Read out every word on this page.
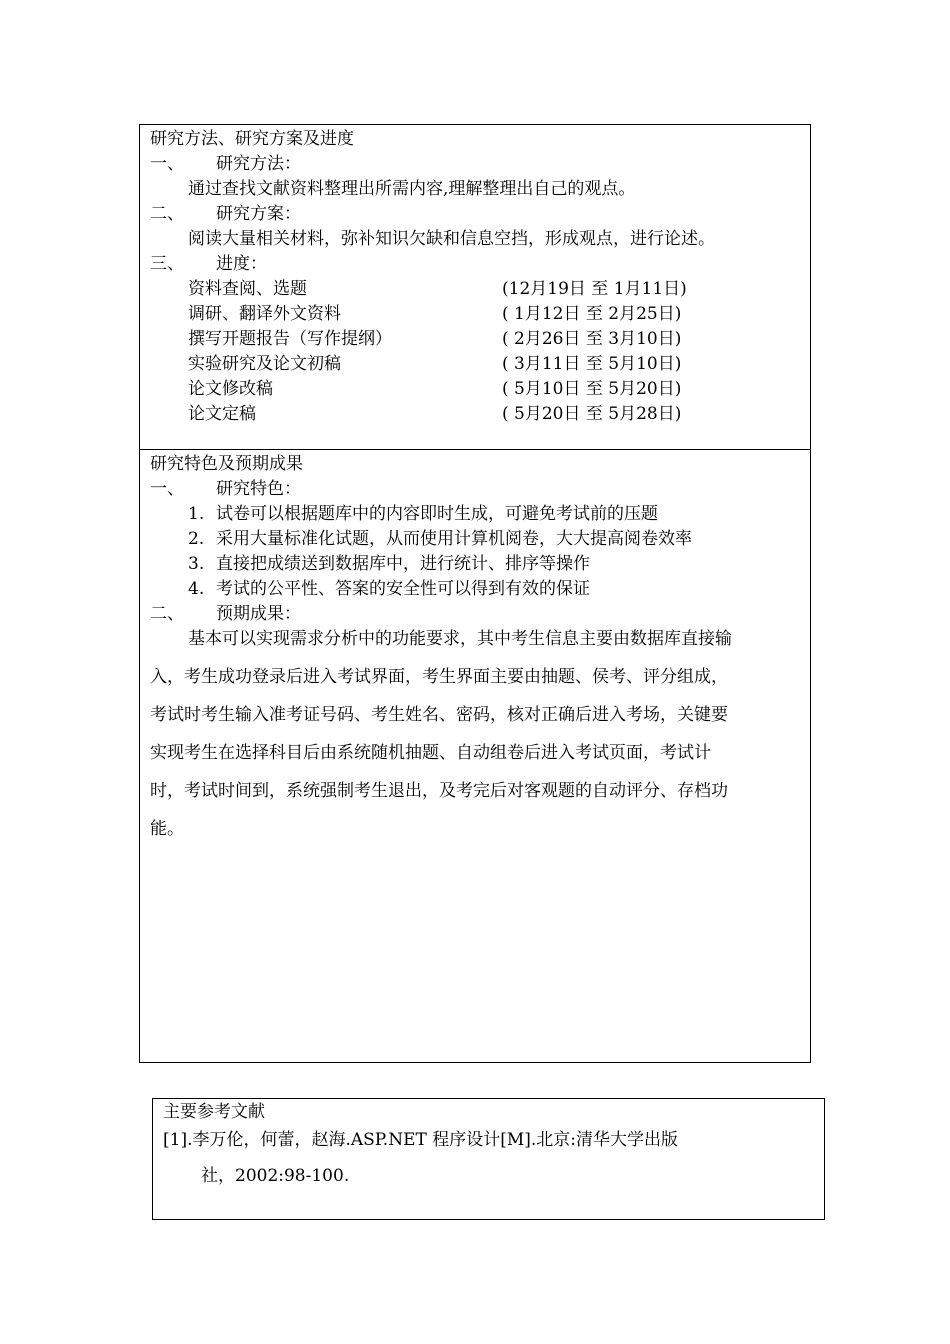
研究方法、研究方案及进度
一、 研究方法：
通过查找文献资料整理出所需内容,理解整理出自己的观点。
二、 研究方案：
阅读大量相关材料，弥补知识欠缺和信息空挡，形成观点，进行论述。
三、 进度：
资料查阅、选题	(12月19日 至 1月11日)
调研、翻译外文资料	( 1月12日 至 2月25日)
撰写开题报告（写作提纲）	( 2月26日 至 3月10日)
实验研究及论文初稿	( 3月11日 至 5月10日)
论文修改稿	( 5月10日 至 5月20日)
论文定稿	( 5月20日 至 5月28日)
研究特色及预期成果
一、 研究特色：
1. 试卷可以根据题库中的内容即时生成，可避免考试前的压题
2. 采用大量标准化试题，从而使用计算机阅卷，大大提高阅卷效率
3. 直接把成绩送到数据库中，进行统计、排序等操作
4. 考试的公平性、答案的安全性可以得到有效的保证
二、 预期成果：

基本可以实现需求分析中的功能要求，其中考生信息主要由数据库直接输

入，考生成功登录后进入考试界面，考生界面主要由抽题、侯考、评分组成，

考试时考生输入准考证号码、考生姓名、密码，核对正确后进入考场，关键要

实现考生在选择科目后由系统随机抽题、自动组卷后进入考试页面，考试计

时，考试时间到，系统强制考生退出，及考完后对客观题的自动评分、存档功

能。

主要参考文献

[1].李万伦，何蕾，赵海.ASP.NET 程序设计[M].北京:清华大学出版

社，2002:98-100.
